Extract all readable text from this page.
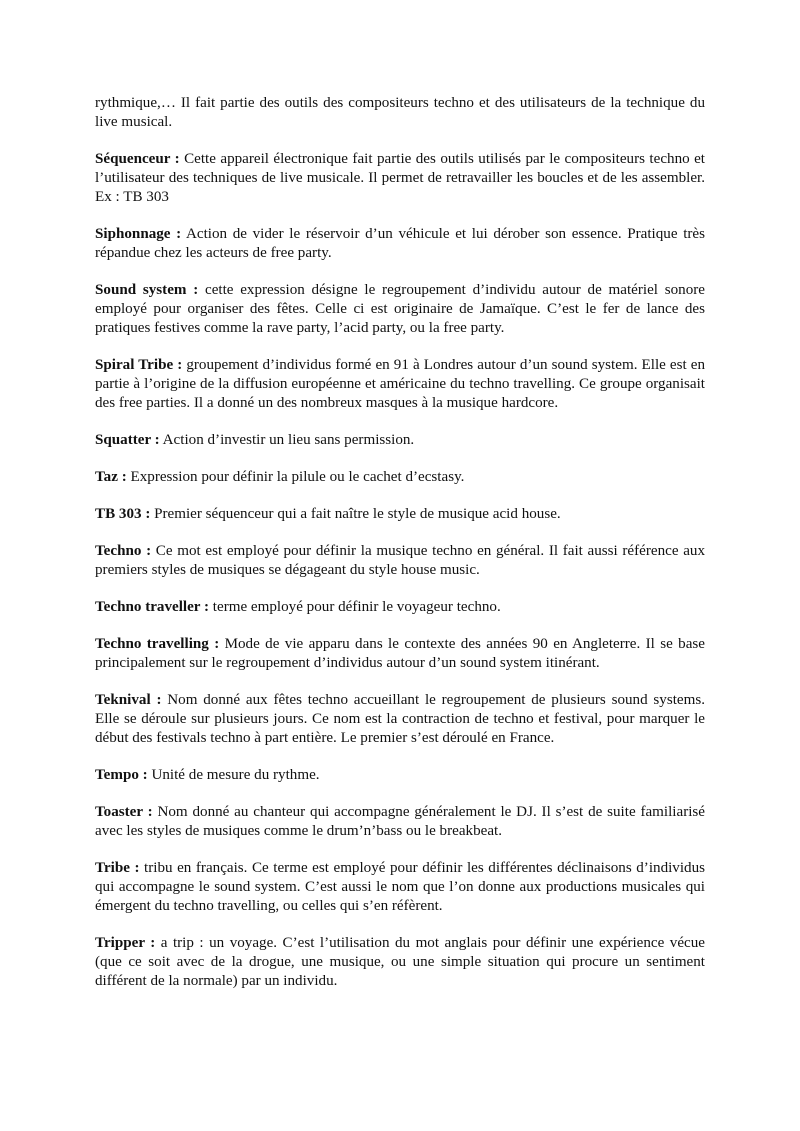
rythmique,… Il fait partie des outils des compositeurs techno et des utilisateurs de la technique du live musical.

Séquenceur : Cette appareil électronique fait partie des outils utilisés par le compositeurs techno et l’utilisateur des techniques de live musicale. Il permet de retravailler les boucles et de les assembler. Ex : TB 303

Siphonnage : Action de vider le réservoir d’un véhicule et lui dérober son essence. Pratique très répandue chez les acteurs de free party.

Sound system : cette expression désigne le regroupement d’individu autour de matériel sonore employé pour organiser des fêtes. Celle ci est originaire de Jamaïque. C’est le fer de lance des pratiques festives comme la rave party, l’acid party, ou la free party.

Spiral Tribe : groupement d’individus formé en 91 à Londres autour d’un sound system. Elle est en partie à l’origine de la diffusion européenne et américaine du techno travelling. Ce groupe organisait des free parties. Il a donné un des nombreux masques à la musique hardcore.

Squatter : Action d’investir un lieu sans permission.

Taz : Expression pour définir la pilule ou le cachet d’ecstasy.

TB 303 : Premier séquenceur qui a fait naître le style de musique acid house.

Techno : Ce mot est employé pour définir la musique techno en général. Il fait aussi référence aux premiers styles de musiques se dégageant du style house music.

Techno traveller : terme employé pour définir le voyageur techno.

Techno travelling : Mode de vie apparu dans le contexte des années 90 en Angleterre. Il se base principalement sur le regroupement d’individus autour d’un sound system itinérant.

Teknival : Nom donné aux fêtes techno accueillant le regroupement de plusieurs sound systems. Elle se déroule sur plusieurs jours. Ce nom est la contraction de techno et festival, pour marquer le début des festivals techno à part entière. Le premier s’est déroulé en France.

Tempo : Unité de mesure du rythme.

Toaster : Nom donné au chanteur qui accompagne généralement le DJ. Il s’est de suite familiarisé avec les styles de musiques comme le drum’n’bass ou le breakbeat.

Tribe : tribu en français. Ce terme est employé pour définir les différentes déclinaisons d’individus qui accompagne le sound system. C’est aussi le nom que l’on donne aux productions musicales qui émergent du techno travelling, ou celles qui s’en réfèrent.

Tripper : a trip : un voyage. C’est l’utilisation du mot anglais pour définir une expérience vécue (que ce soit avec de la drogue, une musique, ou une simple situation qui procure un sentiment différent de la normale) par un individu.
